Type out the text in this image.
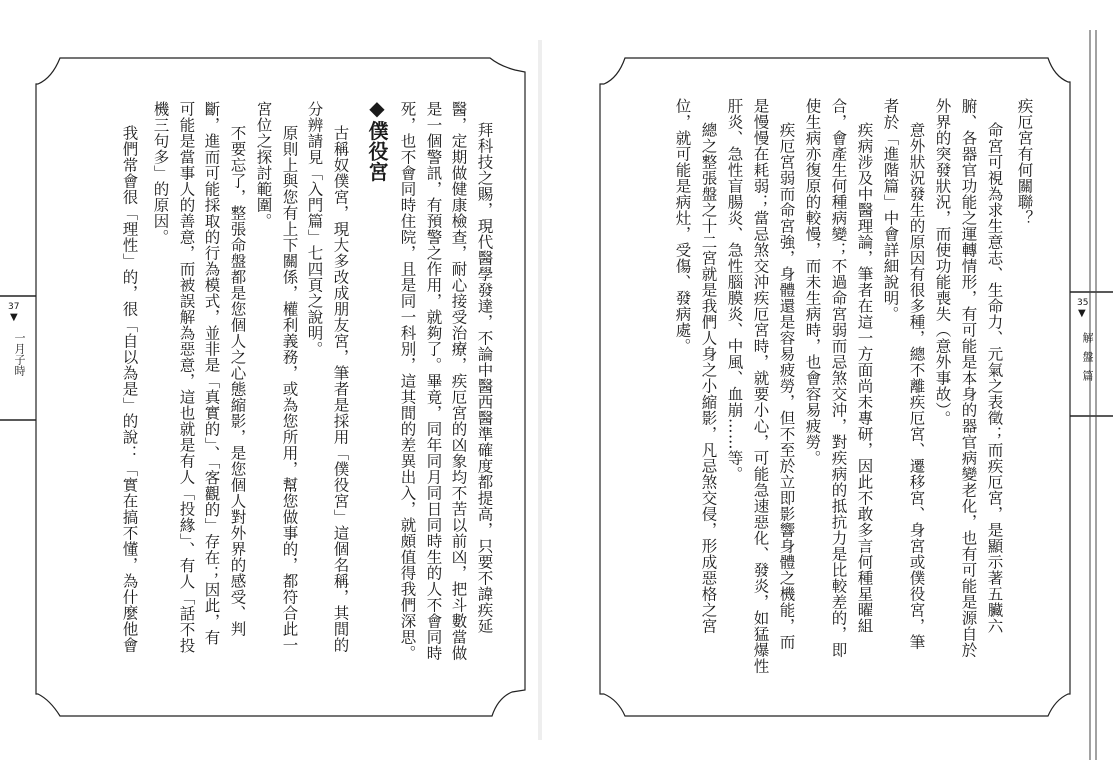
拜科技之賜，現代醫學發達，不論中醫西醫準確度都提高，只要不諱疾延
醫，定期做健康檢查，耐心接受治療，疾厄宮的凶象均不苦以前凶，把斗數當做
是一個警訊，有預警之作用，就夠了。畢竟，同年同月同日同時生的人不會同時
死，也不會同時住院，且是同一科別，這其間的差異出入，就頗值得我們深思。
◆僕役宮
古稱奴僕宮，現大多改成朋友宮，筆者是採用「僕役宮」這個名稱，其間的
分辨請見「入門篇」七四頁之說明。
原則上與您有上下關係，權利義務，或為您所用，幫您做事的，都符合此一
宮位之探討範圍。
不要忘了，整張命盤都是您個人之心態縮影，是您個人對外界的感受、判
斷，進而可能採取的行為模式，並非是「真實的」、「客觀的」存在；因此，有
可能是當事人的善意，而被誤解為惡意，這也就是有人「投緣」、有人「話不投
機三句多」的原因。
我們常會很「理性」的，很「自以為是」的說：「實在搞不懂，為什麼他會
37
▼
一月子時
疾厄宮有何關聯？
命宮可視為求生意志、生命力、元氣之表徵；而疾厄宮，是顯示著五臟六
腑、各器官功能之運轉情形，有可能是本身的器官病變老化，也有可能是源自於
外界的突發狀況，而使功能喪失（意外事故）。
意外狀況發生的原因有很多種，總不離疾厄宮、遷移宮、身宮或僕役宮，筆
者於「進階篇」中會詳細說明。
疾病涉及中醫理論，筆者在這一方面尚未專研，因此不敢多言何種星曜組
合，會產生何種病變；不過命宮弱而忌煞交沖，對疾病的抵抗力是比較差的，即
使生病亦復原的較慢，而未生病時，也會容易疲勞。
疾厄宮弱而命宮強，身體還是容易疲勞，但不至於立即影響身體之機能，而
是慢慢在耗弱；當忌煞交沖疾厄宮時，就要小心，可能急速惡化、發炎，如猛爆性
肝炎、急性盲腸炎、急性腦膜炎、中風、血崩……等。
總之整張盤之十二宮就是我們人身之小縮影，凡忌煞交侵，形成惡格之宮
位，就可能是病灶，受傷、發病處。	35
▼
解盤篇
